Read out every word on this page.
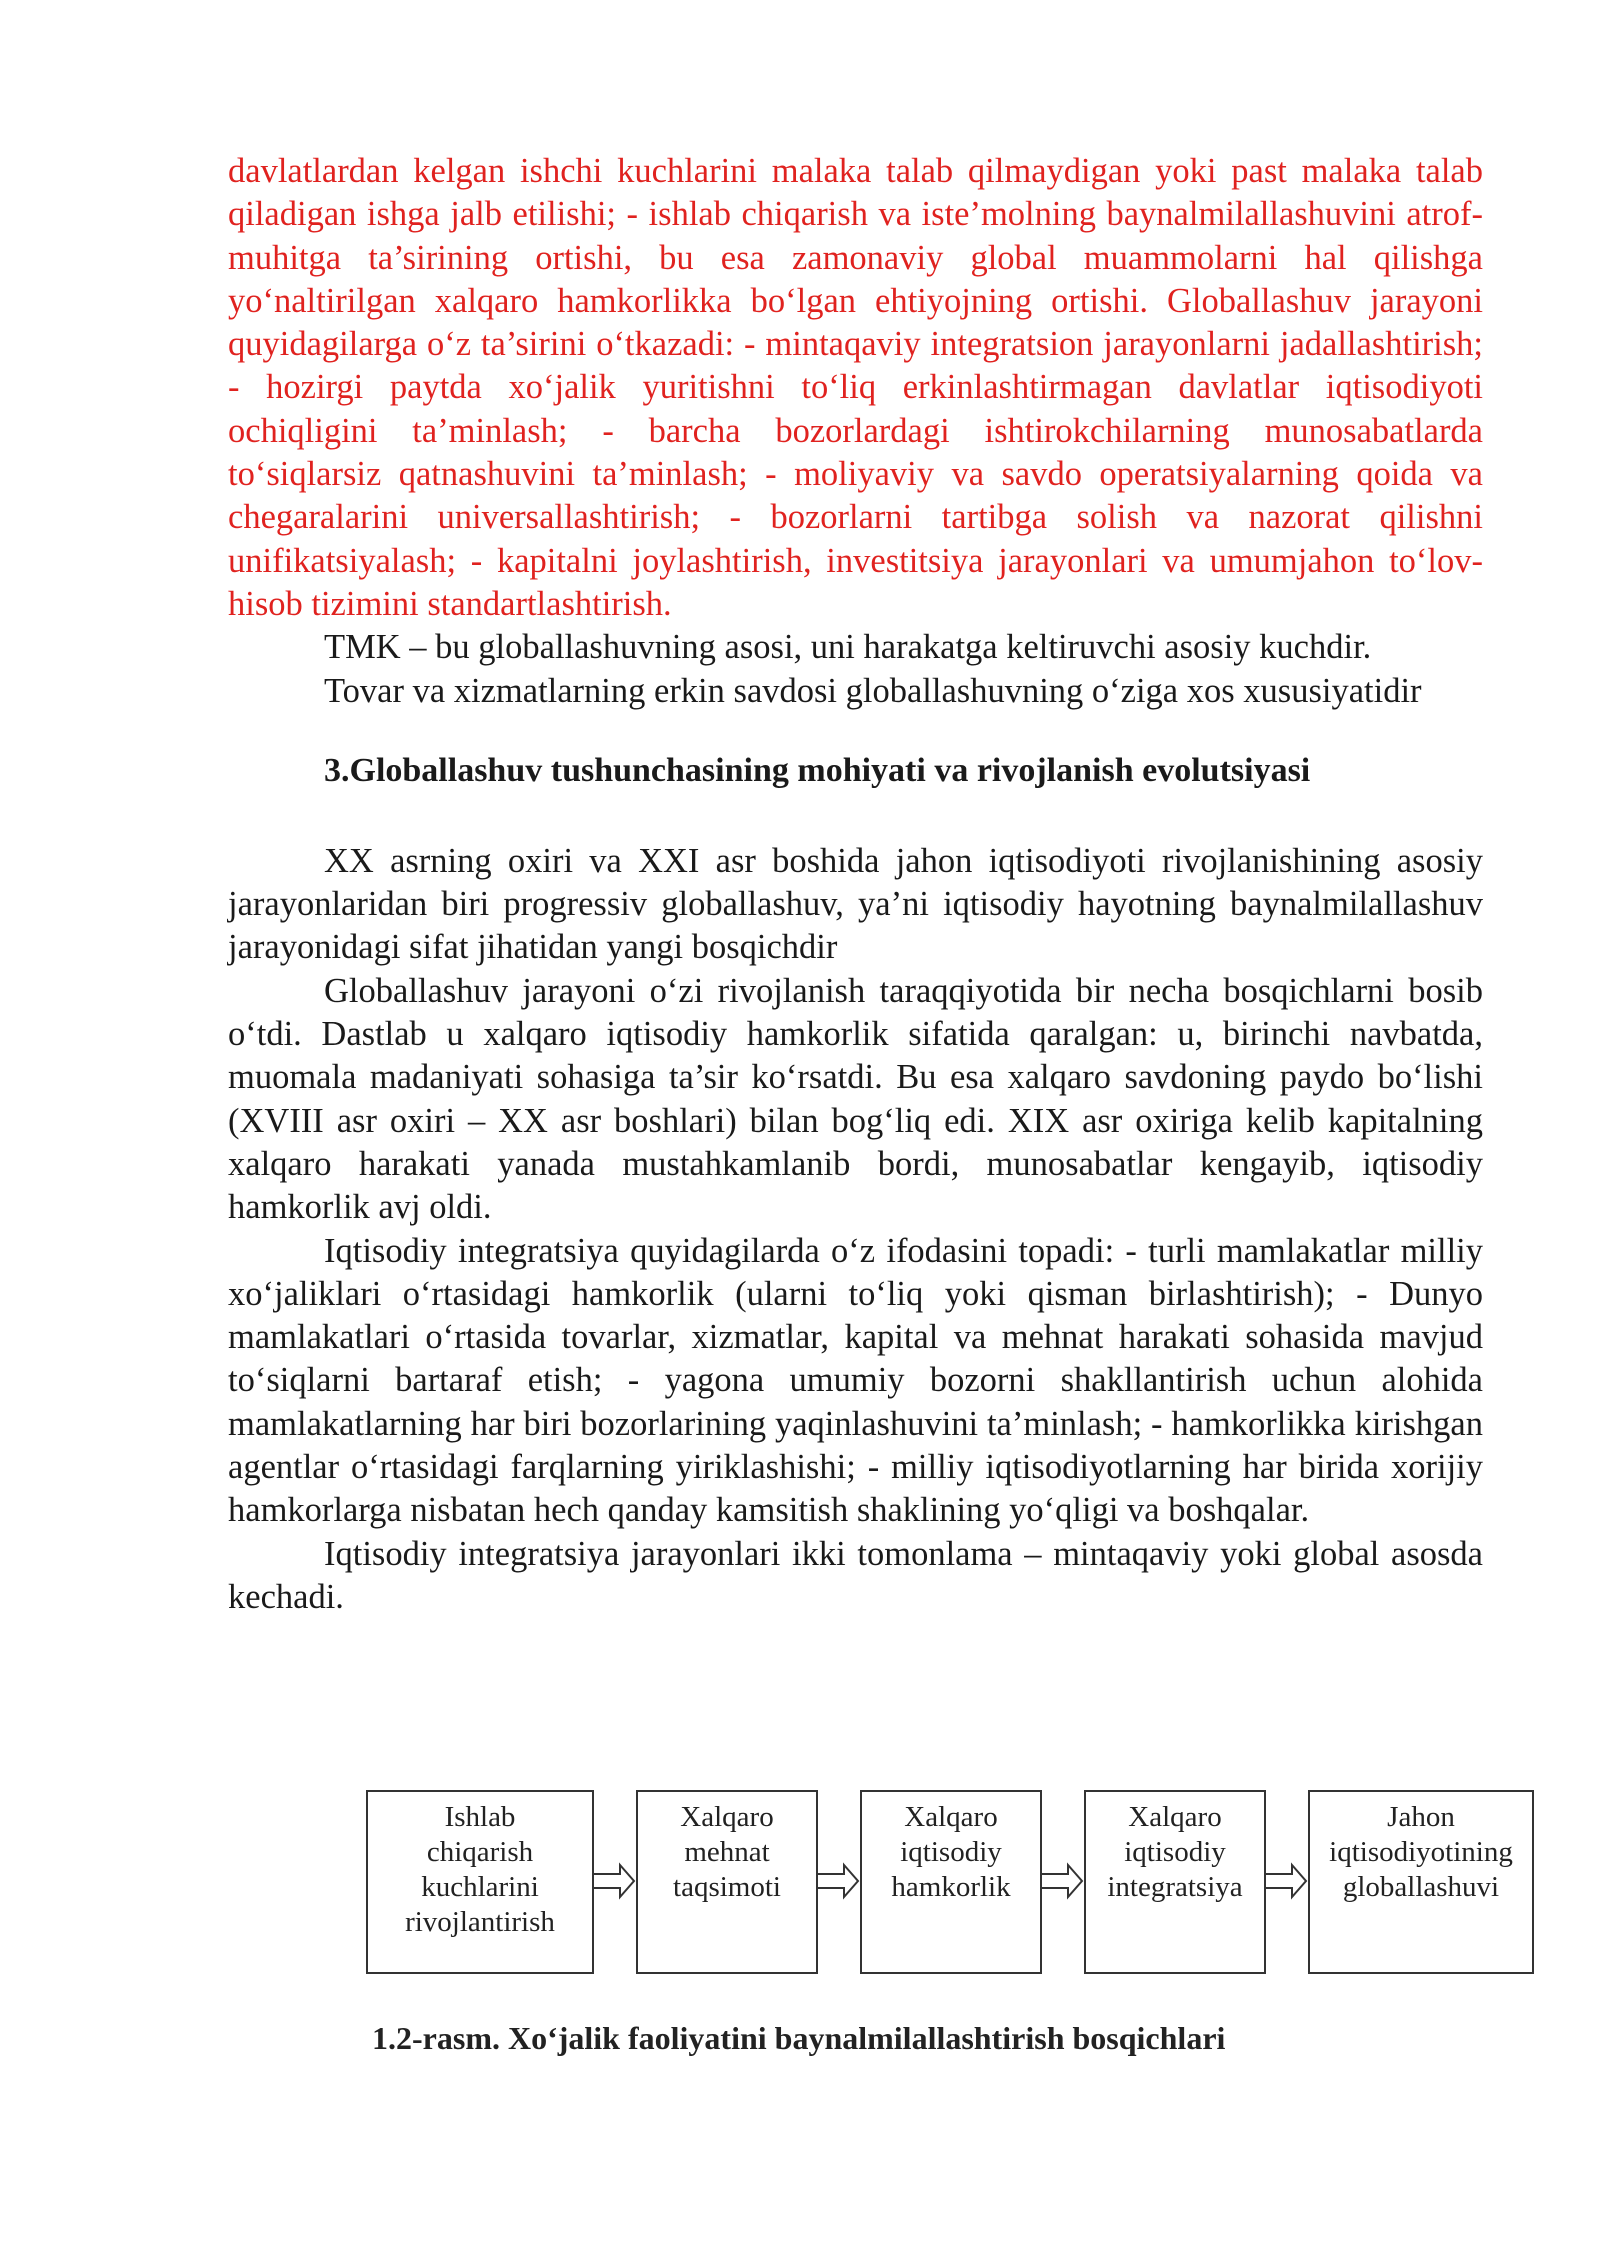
davlatlardan kelgan ishchi kuchlarini malaka talab qilmaydigan yoki past malaka talab qiladigan ishga jalb etilishi; - ishlab chiqarish va iste’molning baynalmilallashuvini atrof-muhitga ta’sirining ortishi, bu esa zamonaviy global muammolarni hal qilishga yo‘naltirilgan xalqaro hamkorlikka bo‘lgan ehtiyojning ortishi. Globallashuv jarayoni quyidagilarga o‘z ta’sirini o‘tkazadi: - mintaqaviy integratsion jarayonlarni jadallashtirish; - hozirgi paytda xo‘jalik yuritishni to‘liq erkinlashtirmagan davlatlar iqtisodiyoti ochiqligini ta’minlash; - barcha bozorlardagi ishtirokchilarning munosabatlarda to‘siqlarsiz qatnashuvini ta’minlash; - moliyaviy va savdo operatsiyalarning qoida va chegaralarini universallashtirish; - bozorlarni tartibga solish va nazorat qilishni unifikatsiyalash; - kapitalni joylashtirish, investitsiya jarayonlari va umumjahon to‘lov-hisob tizimini standartlashtirish.

TMK – bu globallashuvning asosi, uni harakatga keltiruvchi asosiy kuchdir.

Tovar va xizmatlarning erkin savdosi globallashuvning o‘ziga xos xususiyatidir

3.Globallashuv tushunchasining mohiyati va rivojlanish evolutsiyasi

XX asrning oxiri va XXI asr boshida jahon iqtisodiyoti rivojlanishining asosiy jarayonlaridan biri progressiv globallashuv, ya’ni iqtisodiy hayotning baynalmilallashuv jarayonidagi sifat jihatidan yangi bosqichdir

Globallashuv jarayoni o‘zi rivojlanish taraqqiyotida bir necha bosqichlarni bosib o‘tdi. Dastlab u xalqaro iqtisodiy hamkorlik sifatida qaralgan: u, birinchi navbatda, muomala madaniyati sohasiga ta’sir ko‘rsatdi. Bu esa xalqaro savdoning paydo bo‘lishi (XVIII asr oxiri – XX asr boshlari) bilan bog‘liq edi. XIX asr oxiriga kelib kapitalning xalqaro harakati yanada mustahkamlanib bordi, munosabatlar kengayib, iqtisodiy hamkorlik avj oldi.

Iqtisodiy integratsiya quyidagilarda o‘z ifodasini topadi: - turli mamlakatlar milliy xo‘jaliklari o‘rtasidagi hamkorlik (ularni to‘liq yoki qisman birlashtirish); - Dunyo mamlakatlari o‘rtasida tovarlar, xizmatlar, kapital va mehnat harakati sohasida mavjud to‘siqlarni bartaraf etish; - yagona umumiy bozorni shakllantirish uchun alohida mamlakatlarning har biri bozorlarining yaqinlashuvini ta’minlash; - hamkorlikka kirishgan agentlar o‘rtasidagi farqlarning yiriklashishi; - milliy iqtisodiyotlarning har birida xorijiy hamkorlarga nisbatan hech qanday kamsitish shaklining yo‘qligi va boshqalar.

Iqtisodiy integratsiya jarayonlari ikki tomonlama – mintaqaviy yoki global asosda kechadi.

Ishlab
chiqarish
kuchlarini
rivojlantirish
Xalqaro
mehnat
taqsimoti
Xalqaro
iqtisodiy
hamkorlik
Xalqaro
iqtisodiy
integratsiya
Jahon
iqtisodiyotining
globallashuvi
1.2-rasm. Xo‘jalik faoliyatini baynalmilallashtirish bosqichlari
